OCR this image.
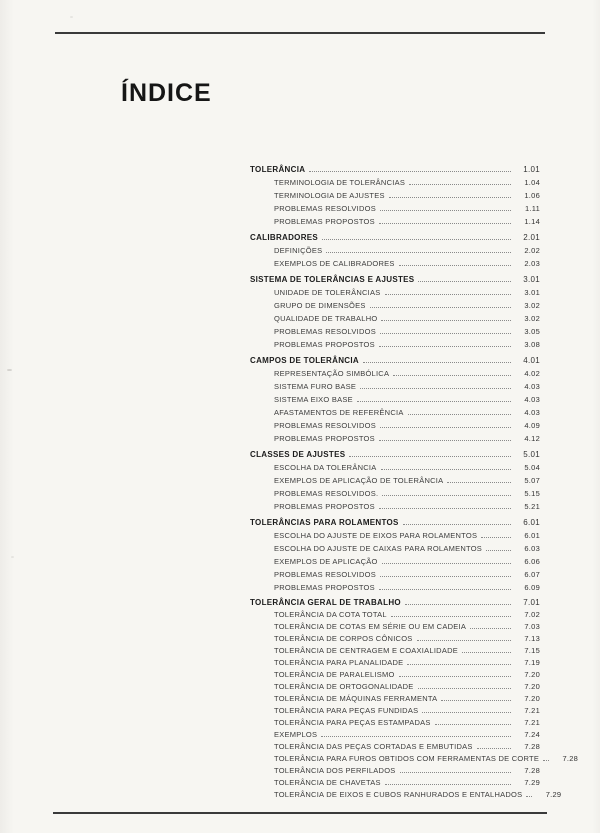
ÍNDICE
TOLERÂNCIA	1.01
TERMINOLOGIA DE TOLERÂNCIAS	1.04
TERMINOLOGIA DE AJUSTES	1.06
PROBLEMAS RESOLVIDOS	1.11
PROBLEMAS PROPOSTOS	1.14
CALIBRADORES	2.01
DEFINIÇÕES	2.02
EXEMPLOS DE CALIBRADORES	2.03
SISTEMA DE TOLERÂNCIAS E AJUSTES	3.01
UNIDADE DE TOLERÂNCIAS	3.01
GRUPO DE DIMENSÕES	3.02
QUALIDADE DE TRABALHO	3.02
PROBLEMAS RESOLVIDOS	3.05
PROBLEMAS PROPOSTOS	3.08
CAMPOS DE TOLERÂNCIA	4.01
REPRESENTAÇÃO SIMBÓLICA	4.02
SISTEMA FURO BASE	4.03
SISTEMA EIXO BASE	4.03
AFASTAMENTOS DE REFERÊNCIA	4.03
PROBLEMAS RESOLVIDOS	4.09
PROBLEMAS PROPOSTOS	4.12
CLASSES DE AJUSTES	5.01
ESCOLHA DA TOLERÂNCIA	5.04
EXEMPLOS DE APLICAÇÃO DE TOLERÂNCIA	5.07
PROBLEMAS RESOLVIDOS.	5.15
PROBLEMAS PROPOSTOS	5.21
TOLERÂNCIAS PARA ROLAMENTOS	6.01
ESCOLHA DO AJUSTE DE EIXOS PARA ROLAMENTOS	6.01
ESCOLHA DO AJUSTE DE CAIXAS PARA ROLAMENTOS	6.03
EXEMPLOS DE APLICAÇÃO	6.06
PROBLEMAS RESOLVIDOS	6.07
PROBLEMAS PROPOSTOS	6.09
TOLERÂNCIA GERAL DE TRABALHO	7.01
TOLERÂNCIA DA COTA TOTAL	7.02
TOLERÂNCIA DE COTAS EM SÉRIE OU EM CADEIA	7.03
TOLERÂNCIA DE CORPOS CÔNICOS	7.13
TOLERÂNCIA DE CENTRAGEM E COAXIALIDADE	7.15
TOLERÂNCIA PARA PLANALIDADE	7.19
TOLERÂNCIA DE PARALELISMO	7.20
TOLERÂNCIA DE ORTOGONALIDADE	7.20
TOLERÂNCIA DE MÁQUINAS FERRAMENTA	7.20
TOLERÂNCIA PARA PEÇAS FUNDIDAS	7.21
TOLERÂNCIA PARA PEÇAS ESTAMPADAS	7.21
EXEMPLOS	7.24
TOLERÂNCIA DAS PEÇAS CORTADAS E EMBUTIDAS	7.28
TOLERÂNCIA PARA FUROS OBTIDOS COM FERRAMENTAS DE CORTE	7.28
TOLERÂNCIA DOS PERFILADOS	7.28
TOLERÂNCIA DE CHAVETAS	7.29
TOLERÂNCIA DE EIXOS E CUBOS RANHURADOS E ENTALHADOS	7.29
